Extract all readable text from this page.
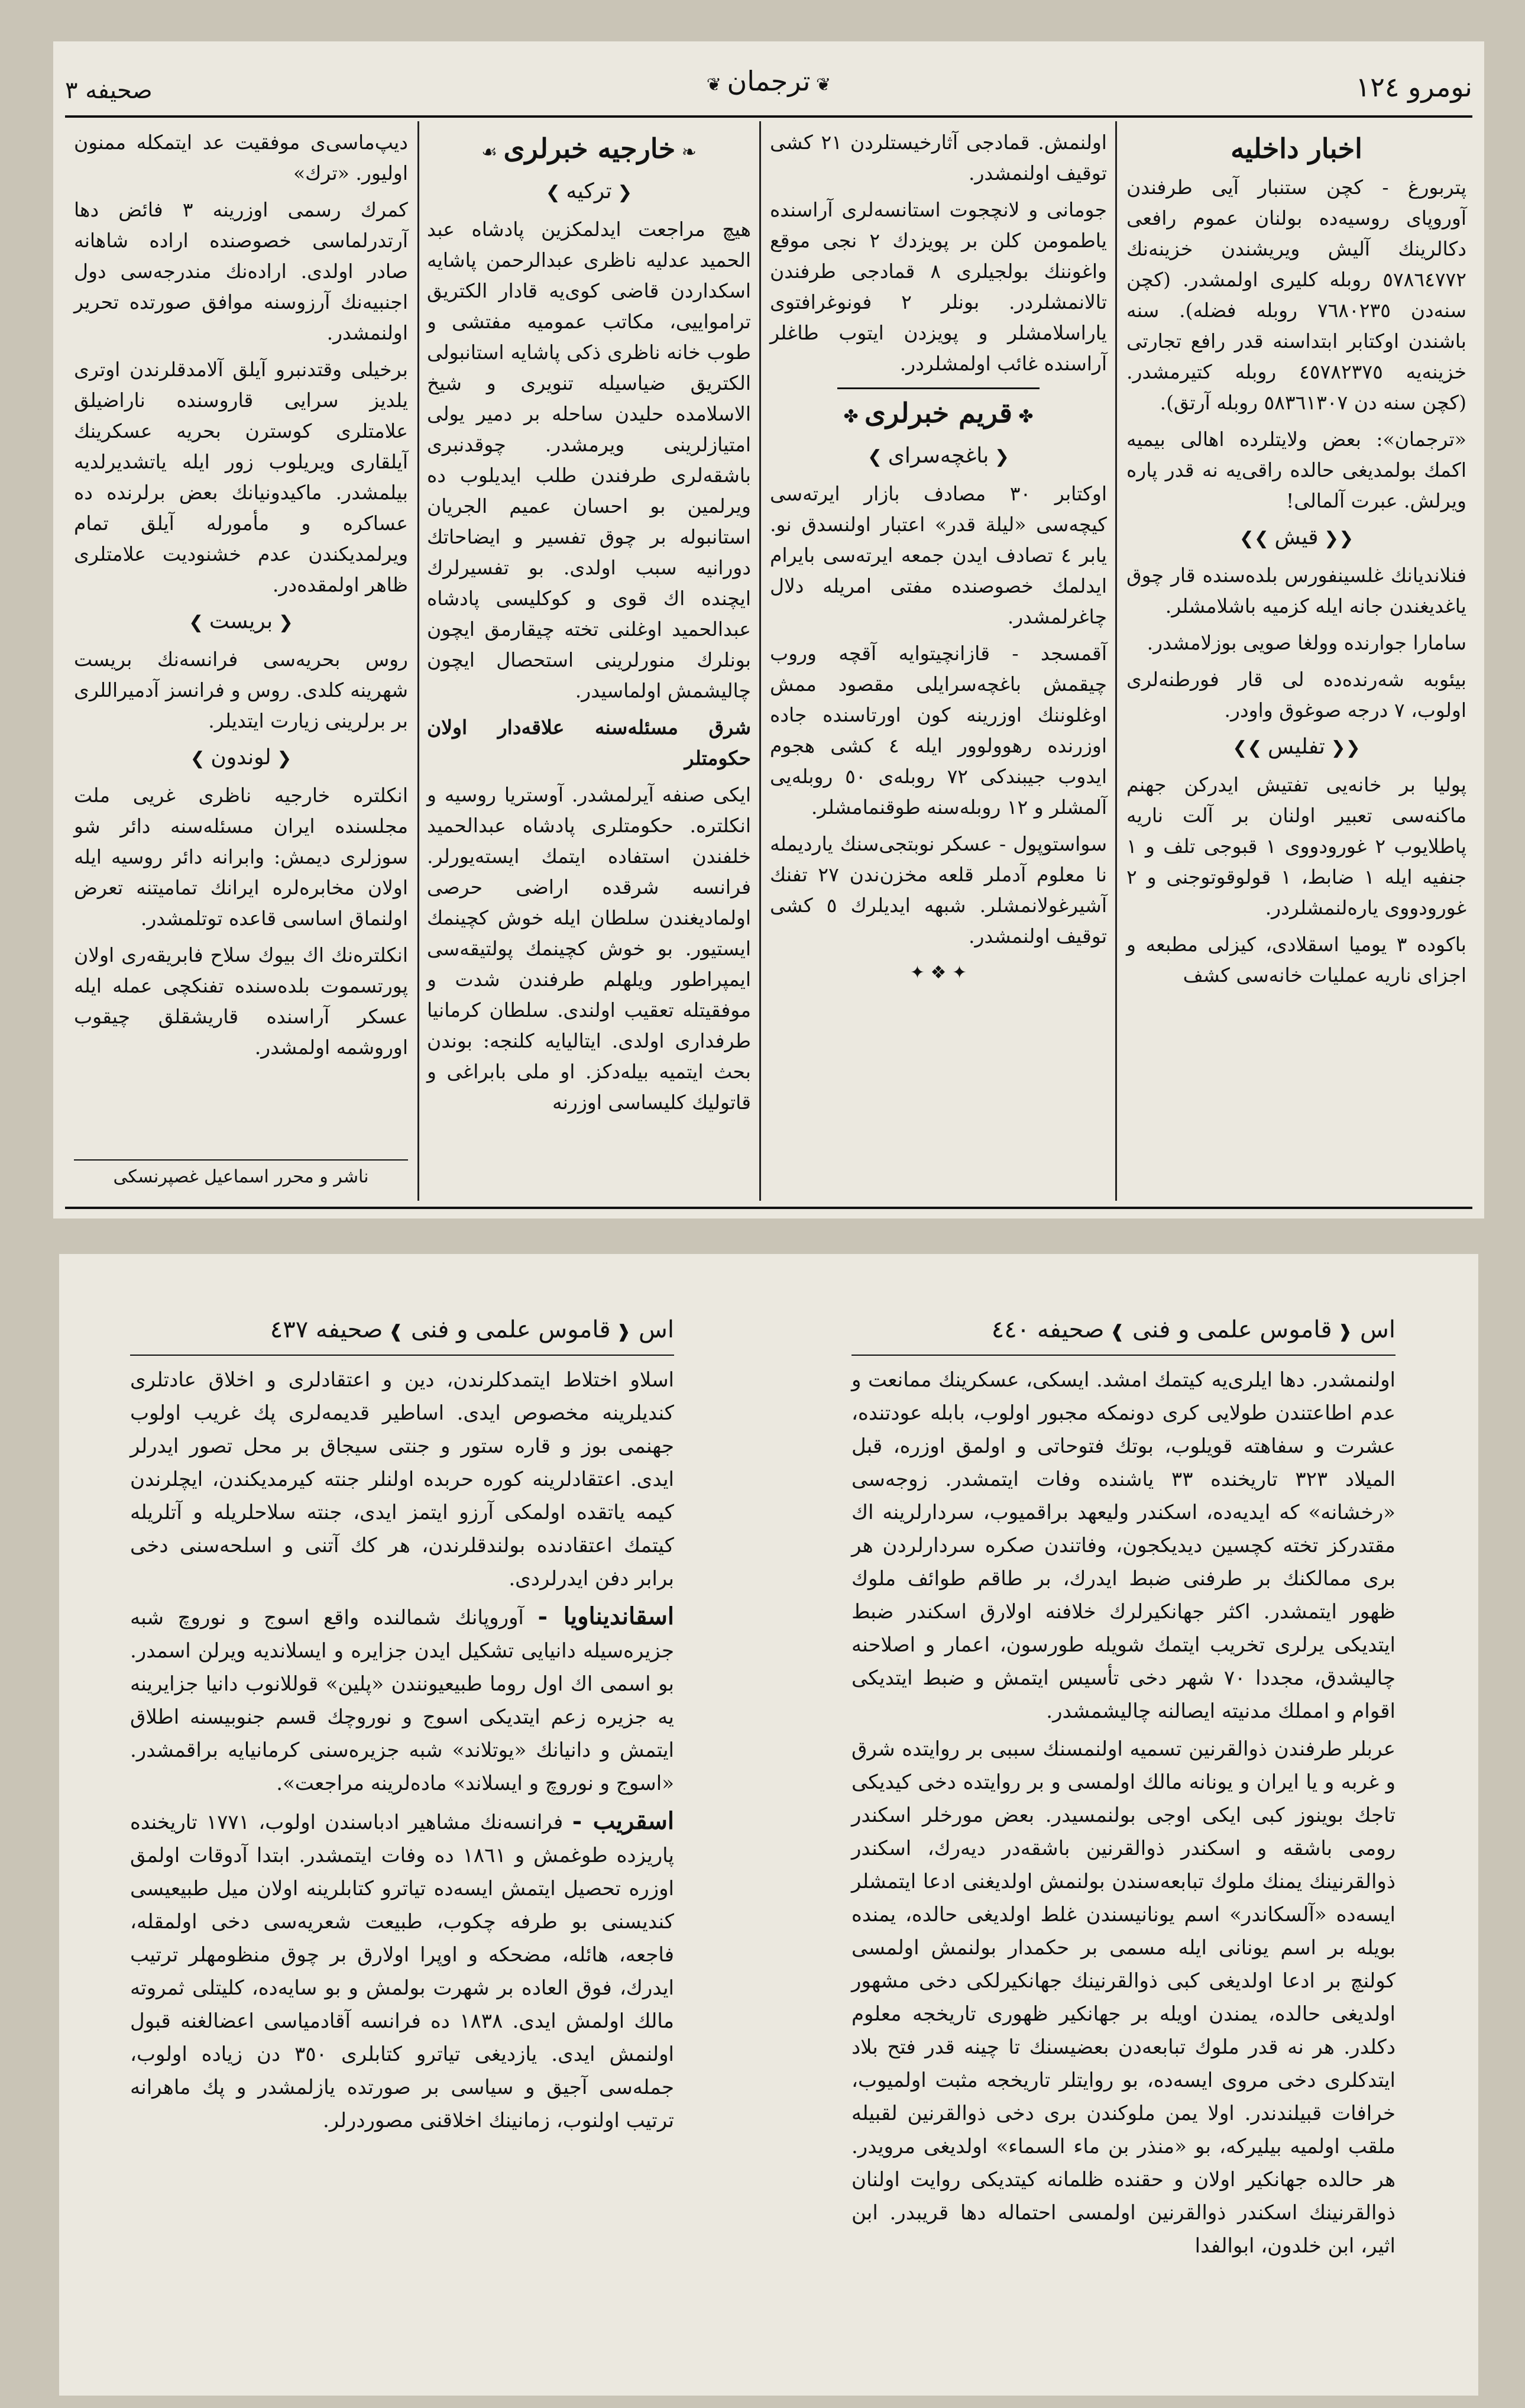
صحیفه ۳	❦ ترجمان ❦	نومرو ۱۲٤
اخبار داخلیه

پتربورغ - کچن ستنبار آیی طرفندن آوروپای روسیه‌ده بولنان عموم رافعی دکالرینك آلیش ویریشندن خزینه‌نك ٥٧٨٦٤٧٧٢ روبله کلیری اولمشدر. (کچن سنه‌دن ٧٦٨٠٢٣٥ روبله فضله). سنه باشندن اوکتابر ابتداسنه قدر رافع تجارتی خزینه‌یه ٤٥٧٨٢٣٧٥ روبله کتیرمشدر. (کچن سنه دن ٥٨٣٦١٣٠٧ روبله آرتق).

«ترجمان»: بعض ولایتلرده اهالی بیمیه اکمك بولمدیغی حالده راقی‌یه نه قدر پاره ویرلش. عبرت آلمالی!

❮❮ قیش ❯❯

فنلاندیانك غلسینفورس بلده‌سنده قار چوق یاغدیغندن جانه ایله کزمیه باشلامشلر.

سامارا جوارنده وولغا صویی بوزلامشدر.

بیئوبه شه‌رنده‌ده لی قار فورطنه‌لری اولوب، ٧ درجه صوغوق واودر.

❮❮ تفلیس ❯❯

پولیا بر خانه‌یی تفتیش ایدرکن جهنم ماکنه‌سی تعبیر اولنان بر آلت ناریه پاطلایوب ٢ غورودووی ١ قبوجی تلف و ١ جنفیه ایله ١ ضابط، ١ قولوقوتوجنی و ٢ غورودووی یاره‌لنمشلردر.

باکوده ٣ یومیا اسقلادی، کیزلی مطبعه و اجزای ناریه عملیات خانه‌سی کشف

اولنمش. قمادجی آثارخیستلردن ٢١ کشی توقیف اولنمشدر.

جومانی و لانچجوت استانسه‌لری آراسنده یاطمومن کلن بر پویزدك ٢ نجی موقع واغوننك بولجیلری ٨ قمادجی طرفندن تالانمشلردر. بونلر ٢ فونوغرافتوی یاراسلامشلر و پویزدن ایتوب طاغلر آراسنده غائب اولمشلردر.

✤ قریم خبرلری ✤
❮ باغچه‌سرای ❯

اوکتابر ٣٠ مصادف بازار ایرته‌سی کیچه‌سی «لیلة قدر» اعتبار اولنسدق نو. یابر ٤ تصادف ایدن جمعه ایرته‌سی بایرام ایدلمك خصوصنده مفتی امریله دلال چاغرلمشدر.

آقمسجد - قازانچیتوایه آقچه وروب چیقمش باغچه‌سرایلی مقصود ممش اوغلوننك اوزرینه کون اورتاسنده جاده اوزرنده رهوولوور ایله ٤ کشی هجوم ایدوب جیبندکی ٧٢ روبله‌ی ٥٠ روبله‌یی آلمشلر و ١٢ روبله‌سنه طوقنمامشلر.

سواستوپول - عسکر نوبتجی‌سنك یاردیمله نا معلوم آدملر قلعه مخزن‌ندن ٢٧ تفنك آشیرغولانمشلر. شبهه ایدیلرك ٥ کشی توقیف اولنمشدر.

✦ ❖ ✦
❧ خارجیه خبرلری ☙
❮ ترکیه ❯

هیچ مراجعت ایدلمکزین پادشاه عبد الحمید عدلیه ناظری عبدالرحمن پاشایه اسکداردن قاضی کوی‌یه قادار الکتریق ترامواییی، مکاتب عمومیه مفتشی و طوب خانه ناظری ذکی پاشایه استانبولی الکتریق ضیاسیله تنویری و شیخ الاسلامده حلیدن ساحله بر دمیر یولی امتیازلرینی ویرمشدر. چوقدنبری باشقه‌لری طرفندن طلب ایدیلوب ده ویرلمین بو احسان عمیم الجریان استانبوله بر چوق تفسیر و ایضاحاتك دورانیه سبب اولدی. بو تفسیرلرك ایچنده اك قوی و کوکلیسی پادشاه عبدالحمید اوغلنی تخته چیقارمق ایچون بونلرك منورلرینی استحصال ایچون چالیشمش اولماسیدر.

شرق مسئله‌سنه علاقه‌دار اولان حکومتلر

ایکی صنفه آیرلمشدر. آوستریا روسیه و انکلتره. حکومتلری پادشاه عبدالحمید خلفندن استفاده ایتمك ایسته‌یورلر. فرانسه شرقده اراضی حرصی اولمادیغندن سلطان ایله خوش کچینمك ایستیور. بو خوش کچینمك پولتیقه‌سی ایمپراطور ویلهلم طرفندن شدت و موفقیتله تعقیب اولندی. سلطان کرمانیا طرفداری اولدی. ایتالیایه کلنجه: بوندن بحث ایتمیه بیله‌دکز. او ملی بابراغی و قاتولیك کلیساسی اوزرنه

دیپ‌ماسی‌ی موفقیت عد ایتمکله ممنون اولیور. «ترك»

کمرك رسمی اوزرینه ٣ فائض دها آرتدرلماسی خصوصنده اراده شاهانه صادر اولدی. اراده‌نك مندرجه‌سی دول اجنبیه‌نك آرزوسنه موافق صورتده تحریر اولنمشدر.

برخیلی وقتدنبرو آیلق آلامدقلرندن اوتری یلدیز سرایی قاروسنده ناراضیلق علامتلری کوسترن بحریه عسکرینك آیلقاری ویریلوب زور ایله یاتشدیرلدیه بیلمشدر. ماکیدونیانك بعض برلرنده ده عساکره و مأمورله آیلق تمام ویرلمدیکندن عدم خشنودیت علامتلری ظاهر اولمقده‌در.

❮ بریست ❯

روس بحریه‌سی فرانسه‌نك بریست شهرینه کلدی. روس و فرانسز آدمیراللری بر برلرینی زیارت ایتدیلر.

❮ لوندون ❯

انکلتره خارجیه ناظری غریی ملت مجلسنده ایران مسئله‌سنه دائر شو سوزلری دیمش: وابرانه دائر روسیه ایله اولان مخابره‌لره ایرانك تمامیتنه تعرض اولنماق اساسی قاعده توتلمشدر.

انکلتره‌نك اك بیوك سلاح فابریقه‌ری اولان پورتسموت بلده‌سنده تفنکچی عمله ایله عسکر آراسنده قاریشقلق چیقوب اوروشمه اولمشدر.

ناشر و محرر اسماعیل غصپرنسکی
اس ❰ قاموس علمی و فنی ❱ صحیفه ٤٤٠

اولنمشدر. دها ایلری‌یه کیتمك امشد. ایسکی، عسکرینك ممانعت و عدم اطاعتندن طولایی کری دونمکه مجبور اولوب، بابله عودتنده، عشرت و سفاهته قویلوب، بوتك فتوحاتی و اولمق اوزره، قبل المیلاد ٣٢٣ تاریخنده ٣٣ یاشنده وفات ایتمشدر. زوجه‌سی «رخشانه» که ایدیه‌ده، اسکندر ولیعهد براقمیوب، سردارلرینه اك مقتدرکز تخته کچسین دیدیکجون، وفاتندن صکره سردارلردن هر بری ممالکنك بر طرفنی ضبط ایدرك، بر طاقم طوائف ملوك ظهور ایتمشدر. اکثر جهانکیرلرك خلافنه اولارق اسکندر ضبط ایتدیکی یرلری تخریب ایتمك شویله طورسون، اعمار و اصلاحنه چالیشدق، مجددا ٧٠ شهر دخی تأسیس ایتمش و ضبط ایتدیکی اقوام و امملك مدنیته ایصالنه چالیشمشدر.

عربلر طرفندن ذوالقرنین تسمیه اولنمسنك سببی بر روایتده شرق و غربه و یا ایران و یونانه مالك اولمسی و بر روایتده دخی کیدیکی تاجك بوینوز کبی ایکی اوجی بولنمسیدر. بعض مورخلر اسکندر رومی باشقه و اسکندر ذوالقرنین باشقه‌در دیه‌رك، اسکندر ذوالقرنینك یمنك ملوك تبابعه‌سندن بولنمش اولدیغنی ادعا ایتمشلر ایسه‌ده «آلسکاندر» اسم یونانیسندن غلط اولدیغی حالده، یمنده بویله بر اسم یونانی ایله مسمی بر حکمدار بولنمش اولمسی کولنچ بر ادعا اولدیغی کبی ذوالقرنینك جهانکیرلکی دخی مشهور اولدیغی حالده، یمندن اویله بر جهانکیر ظهوری تاریخجه معلوم دکلدر. هر نه قدر ملوك تبابعه‌دن بعضیسنك تا چینه قدر فتح بلاد ایتدکلری دخی مروی ایسه‌ده، بو روایتلر تاریخجه مثبت اولمیوب، خرافات قبیلندندر. اولا یمن ملوکندن بری دخی ذوالقرنین لقبیله ملقب اولمیه بیلیرکه، بو «منذر بن ماء السماء» اولدیغی مرویدر. هر حالده جهانکیر اولان و حقنده ظلمانه کیتدیکی روایت اولنان ذوالقرنینك اسکندر ذوالقرنین اولمسی احتماله دها قریبدر. ابن اثیر، ابن خلدون، ابوالفدا

اس ❰ قاموس علمی و فنی ❱ صحیفه ٤٣٧

اسلاو اختلاط ایتمدکلرندن، دین و اعتقادلری و اخلاق عادتلری کندیلرینه مخصوص ایدی. اساطیر قدیمه‌لری پك غریب اولوب جهنمی بوز و قاره ستور و جنتی سیجاق بر محل تصور ایدرلر ایدی. اعتقادلرینه کوره حربده اولنلر جنته کیرمدیکندن، ایچلرندن کیمه یاتقده اولمکی آرزو ایتمز ایدی، جنته سلاحلریله و آتلریله کیتمك اعتقادنده بولندقلرندن، هر کك آتنی و اسلحه‌سنی دخی برابر دفن ایدرلردی.

اسقاندیناویا - آوروپانك شمالنده واقع اسوج و نوروچ شبه جزیره‌سیله دانیایی تشکیل ایدن جزایره و ایسلاندیه ویرلن اسمدر. بو اسمی اك اول روما طبیعیونندن «پلین» قوللانوب دانیا جزایرینه یه جزیره زعم ایتدیکی اسوج و نوروچك قسم جنوبیسنه اطلاق ایتمش و دانیانك «یوتلاند» شبه جزیره‌سنی کرمانیایه براقمشدر. «اسوج و نوروچ و ایسلاند» ماده‌لرینه مراجعت».

اسقریب - فرانسه‌نك مشاهیر ادباسندن اولوب، ١٧٧١ تاریخنده پاریزده طوغمش و ١٨٦١ ده وفات ایتمشدر. ابتدا آدوقات اولمق اوزره تحصیل ایتمش ایسه‌ده تیاترو کتابلرینه اولان میل طبیعیسی کندیسنی بو طرفه چکوب، طبیعت شعریه‌سی دخی اولمقله، فاجعه، هائله، مضحکه و اوپرا اولارق بر چوق منظومهلر ترتیب ایدرك، فوق العاده بر شهرت بولمش و بو سایه‌ده، کلیتلی ثمروته مالك اولمش ایدی. ١٨٣٨ ده فرانسه آقادمیاسی اعضالغنه قبول اولنمش ایدی. یازدیغی تیاترو کتابلری ٣٥٠ دن زیاده اولوب، جمله‌سی آجیق و سیاسی بر صورتده یازلمشدر و پك ماهرانه ترتیب اولنوب، زمانینك اخلاقنی مصوردرلر.
